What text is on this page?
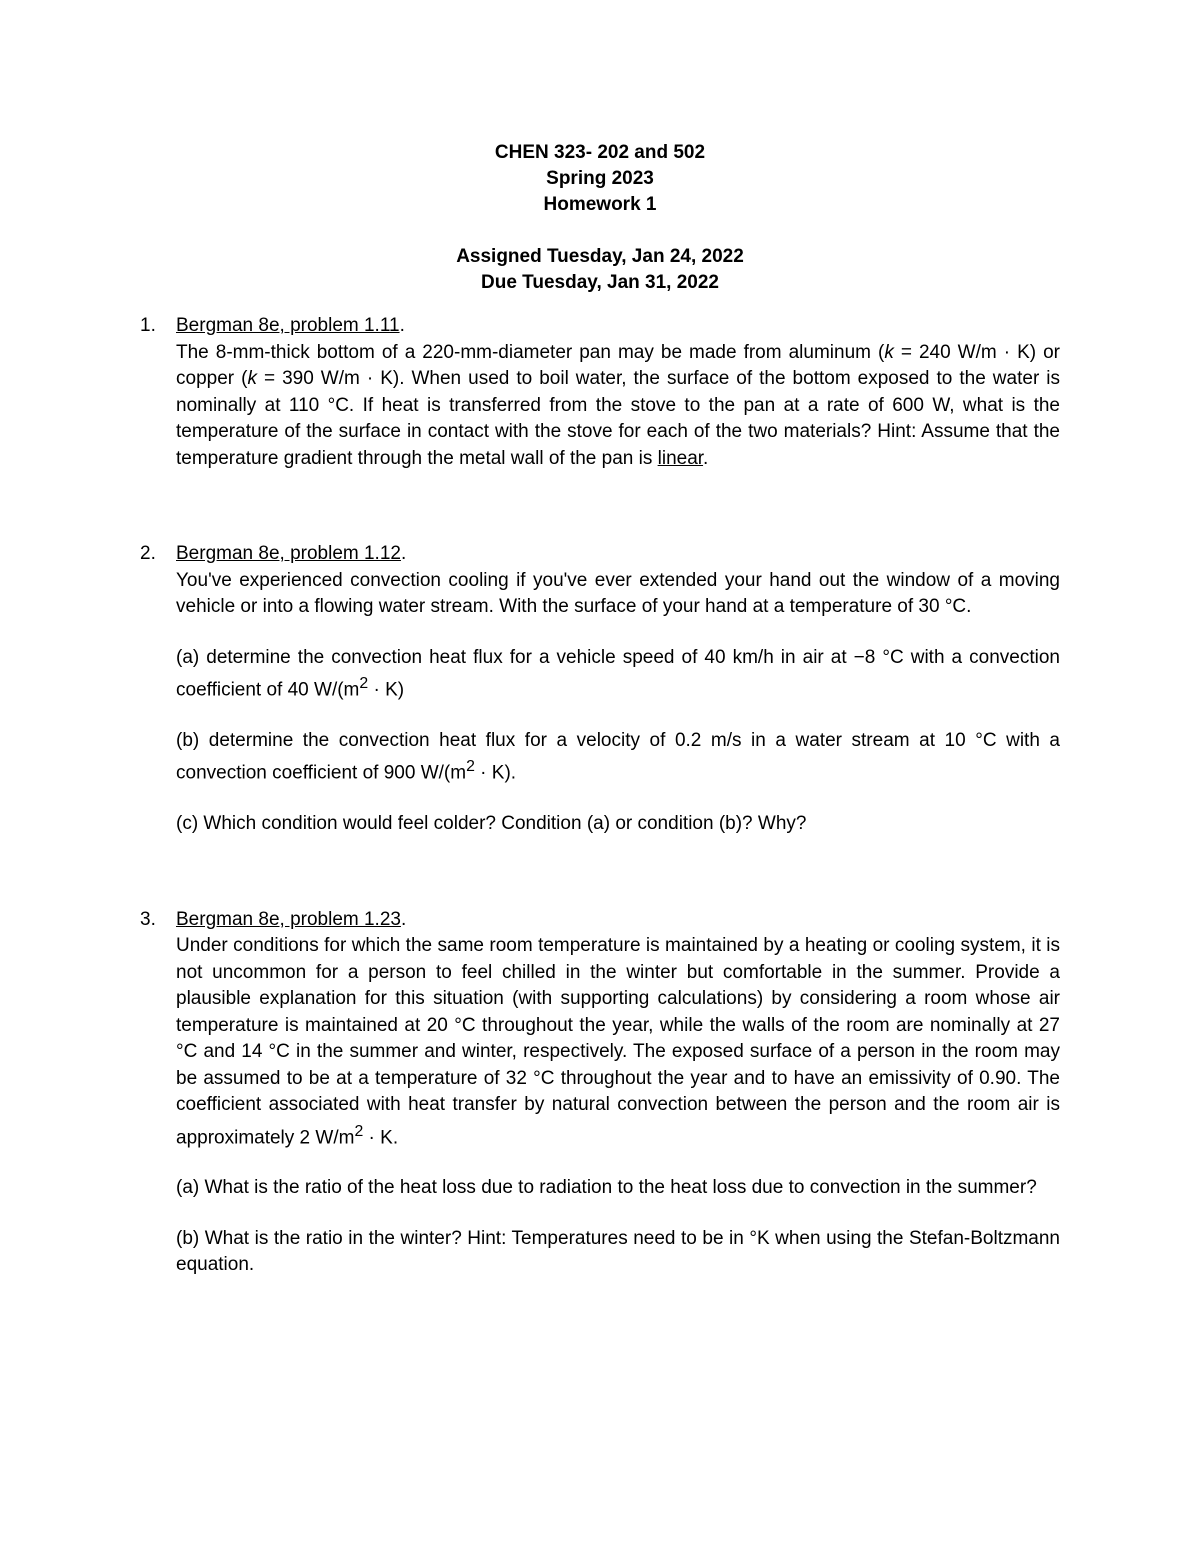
CHEN 323- 202 and 502
Spring 2023
Homework 1
Assigned Tuesday, Jan 24, 2022
Due Tuesday, Jan 31, 2022
1. Bergman 8e, problem 1.11.
The 8-mm-thick bottom of a 220-mm-diameter pan may be made from aluminum (k = 240 W/m · K) or copper (k = 390 W/m · K). When used to boil water, the surface of the bottom exposed to the water is nominally at 110 °C. If heat is transferred from the stove to the pan at a rate of 600 W, what is the temperature of the surface in contact with the stove for each of the two materials? Hint: Assume that the temperature gradient through the metal wall of the pan is linear.
2. Bergman 8e, problem 1.12.
You've experienced convection cooling if you've ever extended your hand out the window of a moving vehicle or into a flowing water stream. With the surface of your hand at a temperature of 30 °C.
(a) determine the convection heat flux for a vehicle speed of 40 km/h in air at −8 °C with a convection coefficient of 40 $W/(m^2 \cdot K)$
(b) determine the convection heat flux for a velocity of 0.2 m/s in a water stream at 10 °C with a convection coefficient of 900 $W/(m^2 \cdot K)$.
(c) Which condition would feel colder? Condition (a) or condition (b)? Why?
3. Bergman 8e, problem 1.23.
Under conditions for which the same room temperature is maintained by a heating or cooling system, it is not uncommon for a person to feel chilled in the winter but comfortable in the summer. Provide a plausible explanation for this situation (with supporting calculations) by considering a room whose air temperature is maintained at 20 °C throughout the year, while the walls of the room are nominally at 27 °C and 14 °C in the summer and winter, respectively. The exposed surface of a person in the room may be assumed to be at a temperature of 32 °C throughout the year and to have an emissivity of 0.90. The coefficient associated with heat transfer by natural convection between the person and the room air is approximately 2 $W/m^2 \cdot K$.
(a) What is the ratio of the heat loss due to radiation to the heat loss due to convection in the summer?
(b) What is the ratio in the winter? Hint: Temperatures need to be in °K when using the Stefan-Boltzmann equation.
